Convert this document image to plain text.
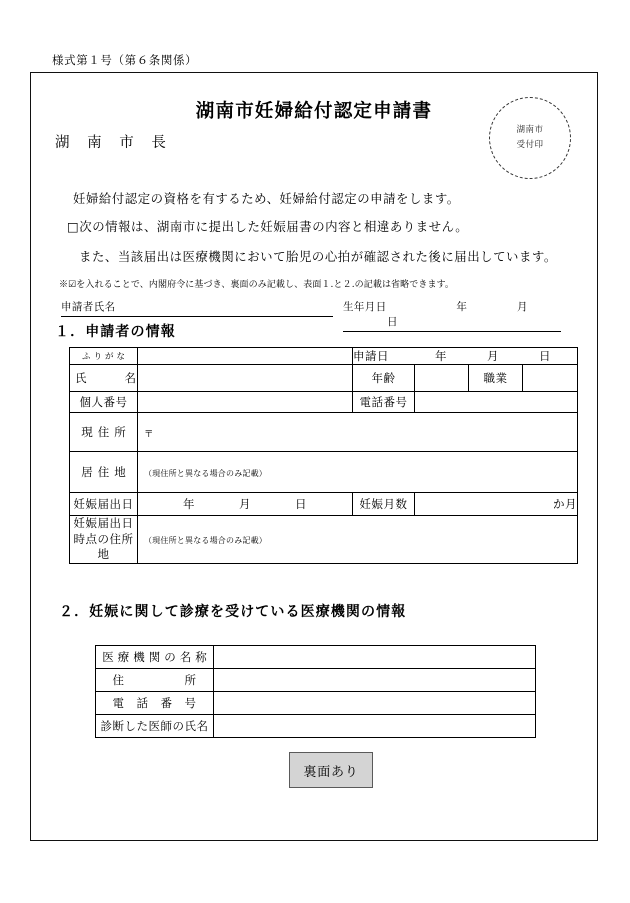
様式第１号（第６条関係）
湖南市妊婦給付認定申請書
湖 南 市 長
湖南市
受付印
妊婦給付認定の資格を有するため、妊婦給付認定の申請をします。
□次の情報は、湖南市に提出した妊娠届書の内容と相違ありません。
また、当該届出は医療機関において胎児の心拍が確認された後に届出しています。
※☑を入れることで、内閣府令に基づき、裏面のみ記載し、表面１.と２.の記載は省略できます。
申請者氏名	生年月日	年	月 日
１．申請者の情報
ふりがな		申請日 年 月 日			
氏　　名		年齢		職業	
個人番号		電話番号			
現住所	〒				

居住地	（現住所と異なる場合のみ記載）				

妊娠届出日	年 月 日	妊娠月数	か月		

妊娠届出日
時点の住所地	（現住所と異なる場合のみ記載）				
２．妊娠に関して診療を受けている医療機関の情報
医療機関の名称	
住　　　　　所	
電　話　番　号	
診断した医師の氏名	
裏面あり
